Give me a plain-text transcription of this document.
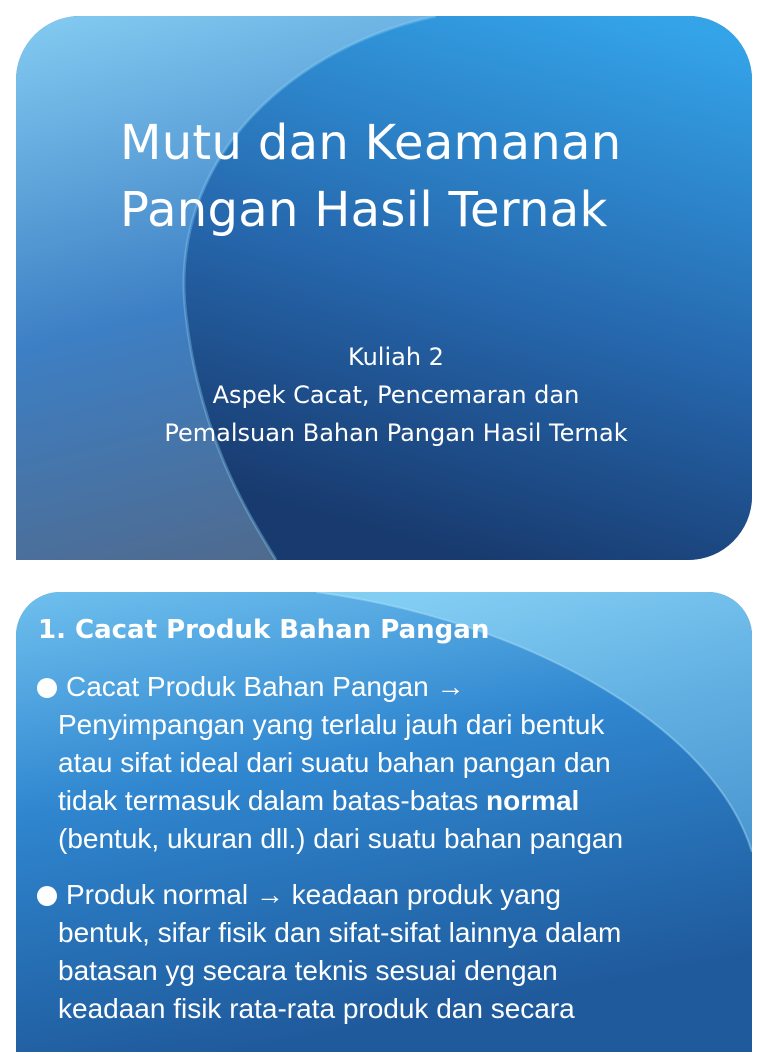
Mutu dan Keamanan
Pangan Hasil Ternak
Kuliah 2
Aspek Cacat, Pencemaran dan
Pemalsuan Bahan Pangan Hasil Ternak
1. Cacat Produk Bahan Pangan
Cacat Produk Bahan Pangan →
Penyimpangan yang terlalu jauh dari bentuk
atau sifat ideal dari suatu bahan pangan dan
tidak termasuk dalam batas-batas normal
(bentuk, ukuran dll.) dari suatu bahan pangan
Produk normal → keadaan produk yang
bentuk, sifar fisik dan sifat-sifat lainnya dalam
batasan yg secara teknis sesuai dengan
keadaan fisik rata-rata produk dan secara
